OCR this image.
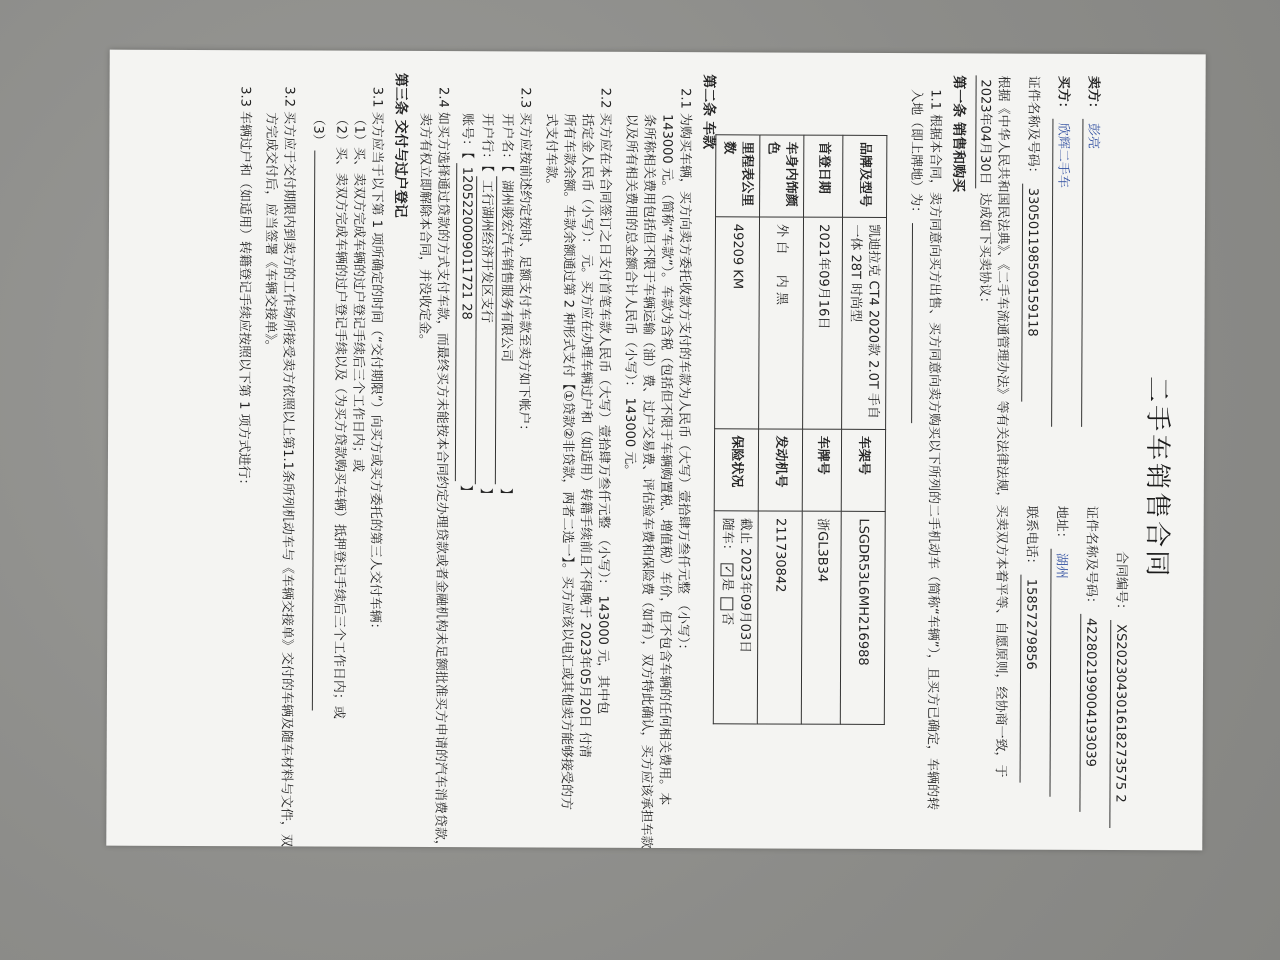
二手车销售合同
合同编号： XS202304301618273575 2
卖方： 彭亮
证件名称及号码： 422802199004193039
买方： 欣辉二手车
地址： 湖州
证件名称及号码： 330501198509159118
联系电话： 15857279856
根据《中华人民共和国民法典》、《二手车流通管理办法》等有关法律法规，买卖双方本着平等、自愿原则，经协商一致，于 2023年04月30日 达成如下买卖协议：
第一条 销售和购买
1.1 根据本合同，卖方同意向买方出售、买方同意向卖方购买以下所列的二手机动车（简称“车辆”），且买方已确定，车辆的转入地（即上牌地）为：
品牌及型号	凯迪拉克 CT4 2020款 2.0T 手自一体 28T 时尚型	车架号	LSGDR53L6MH216988
首登日期	2021年09月16日	车牌号	浙GL3B34
车身内饰颜色	外 白     内 黑	发动机号	211730842
里程表公里数	49209 KM	保险状况	截止 2023年09月03日
随车： ✓是 否
第二条 车款
2.1 为购买车辆，买方向卖方委托收款方支付的车款为人民币（大写）壹拾肆万叁仟元整 （小写）：
143000 元。（简称“车款”）。车款为含税（包括但不限于车辆购置税、增值税）车价，但不包含车辆的任何相关费用。本
条所称相关费用包括但不限于车辆运输（油）费、过户交易费、评估验车费和保险费（如有），双方特此确认，买方应该承担车款
以及所有相关费用的总金额合计人民币（小写）： 143000 元。
2.2 买方应在本合同签订之日支付首笔车款人民币（大写）壹拾肆万叁仟元整 （小写）： 143000 元，其中包
括定金人民币（小写）： 元。买方应在办理车辆过户和（如适用）转籍手续前且不得晚于 2023年05月20日 付清
所有车款余额。车款余额通过第 2 种形式支付【①贷款②非贷款，两者二选一】。买方应该以电汇或其他卖方能够接受的方
式支付车款。
2.3 买方应按前述约定按时、足额支付车款至卖方如下帐户：
开户名：【 湖州骏宏汽车销售服务有限公司 】
开户行：【 工行湖州经济开发区支行 】
账号：【 1205220009011721 28 】
2.4 如买方选择通过贷款的方式支付车款，而最终买方未能按本合同约定办理贷款或者金融机构未足额批准买方申请的汽车消费贷款，
卖方有权立即解除本合同，并没收定金。
第三条 交付与过户登记
3.1 买方应当于以下第 1 项所确定的时间（“交付期限”）向买方或买方委托的第三人交付车辆：
（1）买、卖双方完成车辆的过户登记手续后三个工作日内；或
（2）买、卖双方完成车辆的过户登记手续以及（为买方贷款购买车辆）抵押登记手续后三个工作日内；或
（3）
3.2 买方应于交付期限内到卖方的工作场所接受卖方依照以上第1.1条所列机动车与《车辆交接单》交付的车辆及随车材料与文件，双
方完成交付后，应当签署《车辆交接单》。
3.3 车辆过户和（如适用）转籍登记手续应按照以下第 1 项方式进行：
